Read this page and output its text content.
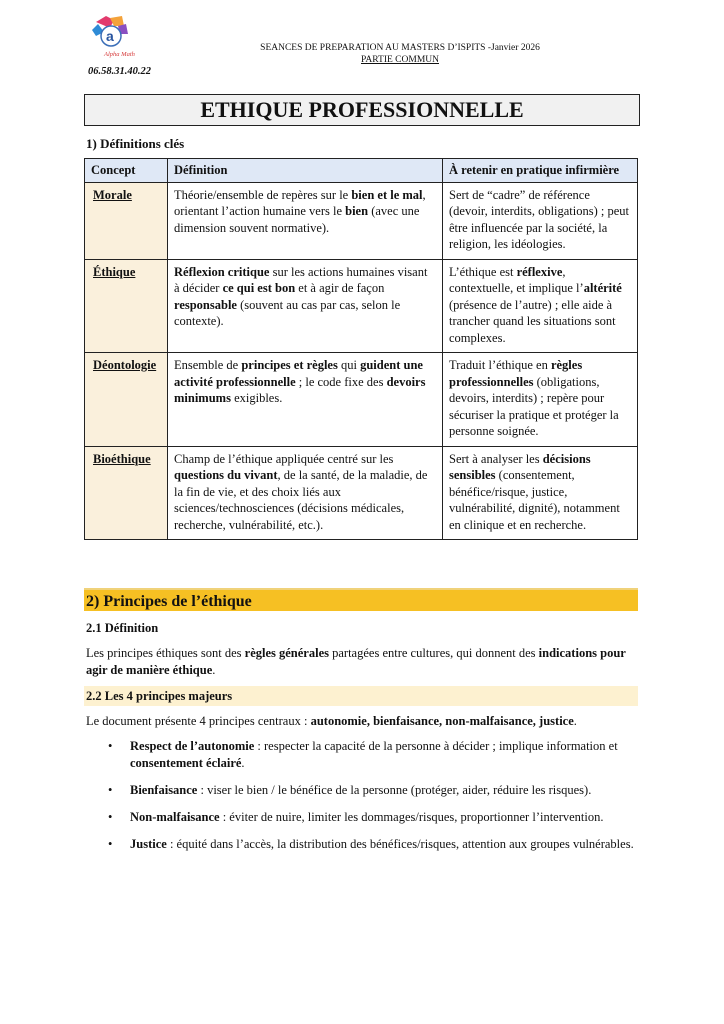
a
Alpha Math
06.58.31.40.22
SEANCES DE PREPARATION AU MASTERS D’ISPITS -Janvier 2026
PARTIE COMMUN
ETHIQUE PROFESSIONNELLE
1) Définitions clés
Concept	Définition	À retenir en pratique infirmière
Morale	Théorie/ensemble de repères sur le bien et le mal, orientant l’action humaine vers le bien (avec une dimension souvent normative).	Sert de “cadre” de référence (devoir, interdits, obligations) ; peut être influencée par la société, la religion, les idéologies.
Éthique	Réflexion critique sur les actions humaines visant à décider ce qui est bon et à agir de façon responsable (souvent au cas par cas, selon le contexte).	L’éthique est réflexive, contextuelle, et implique l’altérité (présence de l’autre) ; elle aide à trancher quand les situations sont complexes.
Déontologie	Ensemble de principes et règles qui guident une activité professionnelle ; le code fixe des devoirs minimums exigibles.	Traduit l’éthique en règles professionnelles (obligations, devoirs, interdits) ; repère pour sécuriser la pratique et protéger la personne soignée.
Bioéthique	Champ de l’éthique appliquée centré sur les questions du vivant, de la santé, de la maladie, de la fin de vie, et des choix liés aux sciences/technosciences (décisions médicales, recherche, vulnérabilité, etc.).	Sert à analyser les décisions sensibles (consentement, bénéfice/risque, justice, vulnérabilité, dignité), notamment en clinique et en recherche.
2) Principes de l’éthique
2.1 Définition
Les principes éthiques sont des règles générales partagées entre cultures, qui donnent des indications pour agir de manière éthique.
2.2 Les 4 principes majeurs
Le document présente 4 principes centraux : autonomie, bienfaisance, non-malfaisance, justice.
• Respect de l’autonomie : respecter la capacité de la personne à décider ; implique information et consentement éclairé.
• Bienfaisance : viser le bien / le bénéfice de la personne (protéger, aider, réduire les risques).
• Non-malfaisance : éviter de nuire, limiter les dommages/risques, proportionner l’intervention.
• Justice : équité dans l’accès, la distribution des bénéfices/risques, attention aux groupes vulnérables.
